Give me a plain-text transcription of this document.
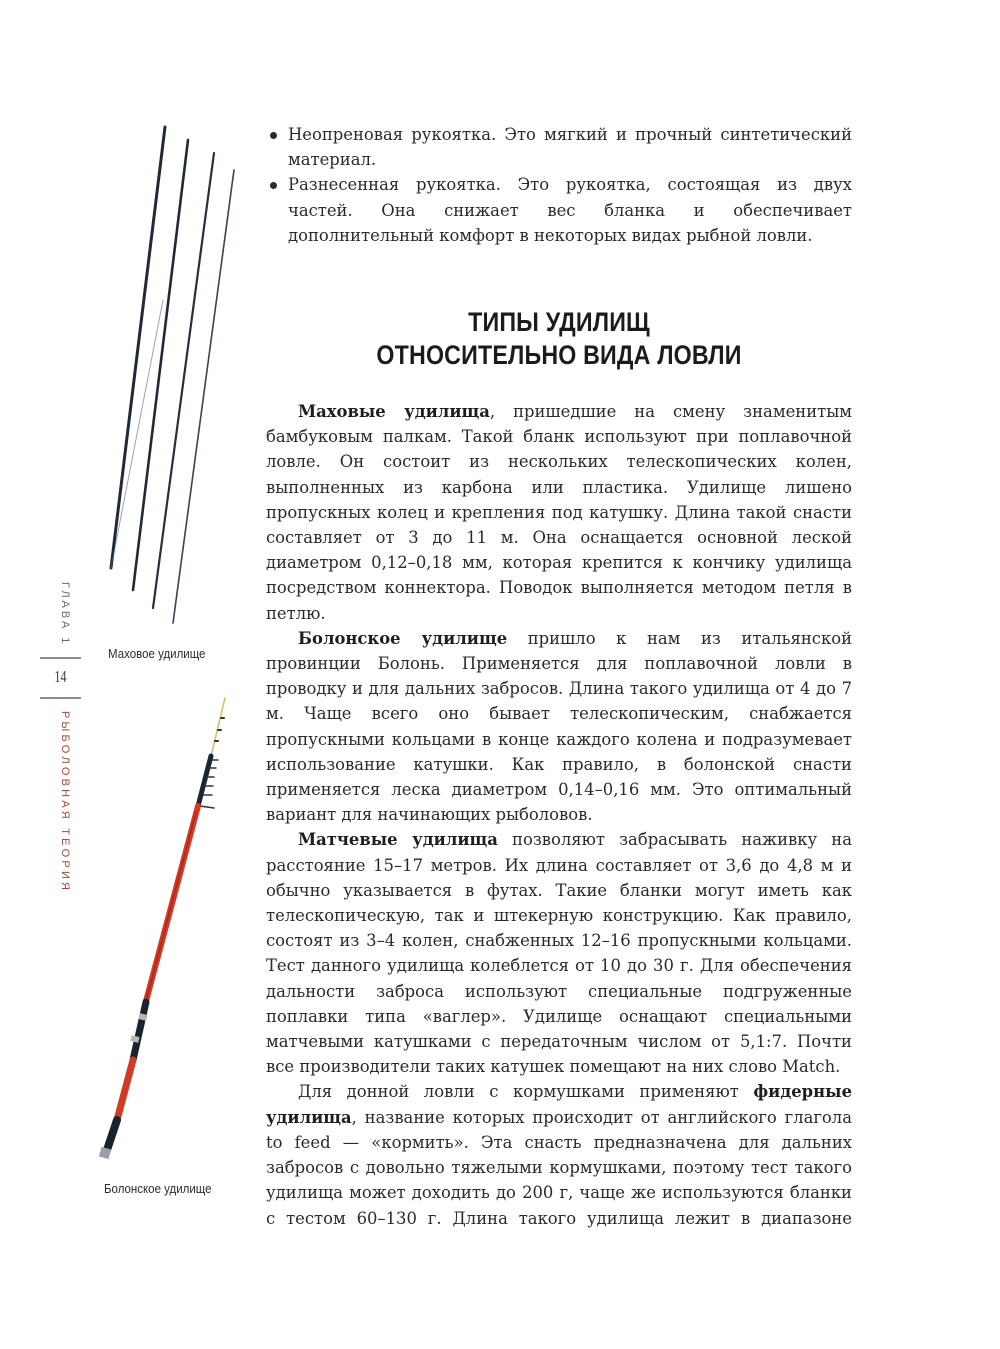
Маховое удилище
Болонское удилище
ГЛАВА 1
14
РЫБОЛОВНАЯ ТЕОРИЯ
Неопреновая рукоятка. Это мягкий и прочный синтетический материал.
Разнесенная рукоятка. Это рукоятка, состоящая из двух частей. Она снижает вес бланка и обеспечивает дополнительный комфорт в некоторых видах рыбной ловли.
ТИПЫ УДИЛИЩ
ОТНОСИТЕЛЬНО ВИДА ЛОВЛИ

Маховые удилища, пришедшие на смену знаменитым бамбуковым палкам. Такой бланк используют при поплавочной ловле. Он состоит из нескольких телескопических колен, выполненных из карбона или пластика. Удилище лишено пропускных колец и крепления под катушку. Длина такой снасти составляет от 3 до 11 м. Она оснащается основной леской диаметром 0,12–0,18 мм, которая крепится к кончику удилища посредством коннектора. Поводок выполняется методом петля в петлю.

Болонское удилище пришло к нам из итальянской провинции Болонь. Применяется для поплавочной ловли в проводку и для дальних забросов. Длина такого удилища от 4 до 7 м. Чаще всего оно бывает телескопическим, снабжается пропускными кольцами в конце каждого колена и подразумевает использование катушки. Как правило, в болонской снасти применяется леска диаметром 0,14–0,16 мм. Это оптимальный вариант для начинающих рыболовов.

Матчевые удилища позволяют забрасывать наживку на расстояние 15–17 метров. Их длина составляет от 3,6 до 4,8 м и обычно указывается в футах. Такие бланки могут иметь как телескопическую, так и штекерную конструкцию. Как правило, состоят из 3–4 колен, снабженных 12–16 пропускными кольцами. Тест данного удилища колеблется от 10 до 30 г. Для обеспечения дальности заброса используют специальные подгруженные поплавки типа «ваглер». Удилище оснащают специальными матчевыми катушками с передаточным числом от 5,1:7. Почти все производители таких катушек помещают на них слово Match.

Для донной ловли с кормушками применяют фидерные удилища, название которых происходит от английского глагола to feed — «кормить». Эта снасть предназначена для дальних забросов с довольно тяжелыми кормушками, поэтому тест такого удилища может доходить до 200 г, чаще же используются бланки с тестом 60–130 г. Длина такого удилища лежит в диапазоне
